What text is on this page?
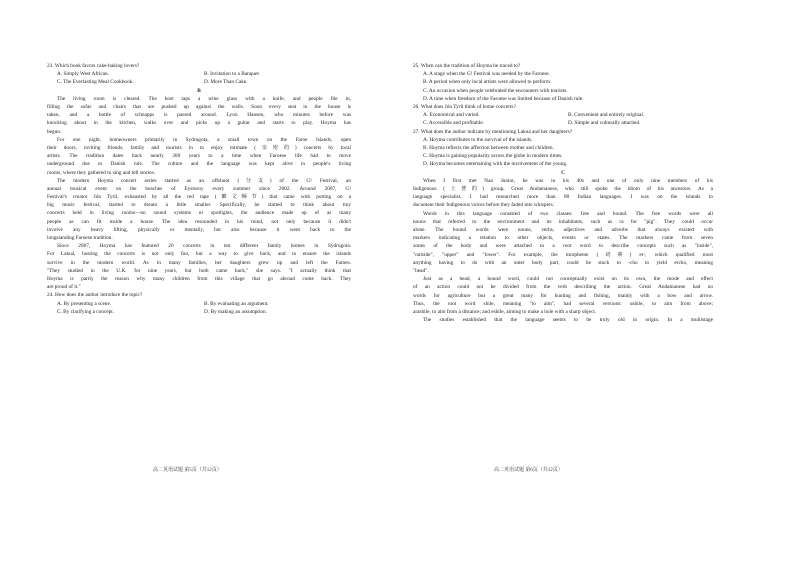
23. Which book favors cake-baking lovers?
A. Simply West African.	B. Invitation to a Banquet.
C. The Everlasting Meal Cookbook.	D. More Than Cake.
B
The living room is cleared. The host taps a wine glass with a knife, and people file in,
filling the sofas and chairs that are pushed up against the walls. Soon every seat in the house is
taken, and a bottle of schnapps is passed around. Lyon Hansen, who minutes before was
knocking about in the kitchen, walks over and picks up a guitar and starts to play. Hoyma has
begun.
For one night, homeowners primarily in Sydrugota, a small town on the Faroe Islands, open
their doors, inviting friends, family and tourists in to enjoy intimate (亲密的) concerts by local
artists. The tradition dates back nearly 300 years to a time when Faroese life had to move
underground due to Danish rule. The culture and the language was kept alive in people's living
rooms, where they gathered to sing and tell stories.
The modern Hoyma concert series started as an offshoot (分支) of the G! Festival, an
annual musical event on the beaches of Eysturoy every summer since 2002. Around 2007, G!
Festival's creator Jón Tyril, exhausted by all the red tape (繁文缛节) that came with putting on a
big music festival, started to dream a little smaller. Specifically, he started to think about tiny
concerts held in living rooms—no sound systems or spotlights, the audience made up of as many
people as can fit inside a house. The idea resounded in his mind, not only because it didn't
involve any heavy lifting, physically or mentally, but also because it went back to the
longstanding Faroese tradition.
Since 2007, Hoyma has featured 20 concerts in ten different family homes in Sydrugota.
For Lakuá, hosting the concerts is not only fun, but a way to give back, and to ensure the islands
survive in the modern world. As in many families, her daughters grew up and left the Faroes.
"They studied in the U.K. for nine years, but both came back," she says. "I actually think that
Hoyma is partly the reason why many children from this village that go abroad come back. They
are proud of it."
24. How does the author introduce the topic?
A. By presenting a scene.	B. By evaluating an argument.
C. By clarifying a concept.	D. By making an assumption.
25. When can the tradition of Hoyma be traced to?
A. A stage when the G! Festival was needed by the Faroese.
B. A period when only local artists were allowed to perform.
C. An occasion when people celebrated the encounters with tourists.
D. A time when freedom of the Faroese was limited because of Danish rule.
26. What does Jón Tyril think of home concerts?
A. Economical and varied.	B. Convenient and entirely original.
C. Accessible and profitable.	D. Simple and culturally attached.
27. What does the author indicate by mentioning Lakuá and her daughters?
A. Hoyma contributes to the survival of the islands.
B. Hoyma reflects the affection between mother and children.
C. Hoyma is gaining popularity across the globe in modern times.
D. Hoyma becomes entertaining with the involvement of the young.
C
When I first met Nao Junior, he was in his 40s and one of only nine members of his
Indigenous (土著的) group, Great Andamanese, who still spoke the idiom of his ancestors. As a
language specialist, I had researched more than 80 Indian languages. I was on the islands to
document their Indigenous voices before they faded into whispers.
Words in this language consisted of two classes: free and bound. The free words were all
nouns that referred to the environment and its inhabitants, such as ra for "pig". They could occur
alone. The bound words were nouns, verbs, adjectives and adverbs that always existed with
markers indicating a relation to other objects, events or states. The markers came from seven
zones of the body and were attached to a root word to describe concepts such as "inside",
"outside", "upper" and "lower". For example, the morpheme (词素) er-, which qualified most
anything having to do with an outer body part, could be stuck to -cho to yield ercho, meaning
"head".
Just as a head, a bound word, could not conceptually exist on its own, the mode and effect
of an action could not be divided from the verb describing the action. Great Andamanese had no
words for agriculture but a great many for hunting and fishing, mainly with a bow and arrow.
Thus, the root word shile, meaning "to aim", had several versions: ushile, to aim from above;
arashile, to aim from a distance; and eshile, aiming to make a hole with a sharp object.
The studies established that the language seems to be truly old in origin. In a multistage
高二英语试题 第5页（共12页）	高二英语试题 第6页（共12页）
